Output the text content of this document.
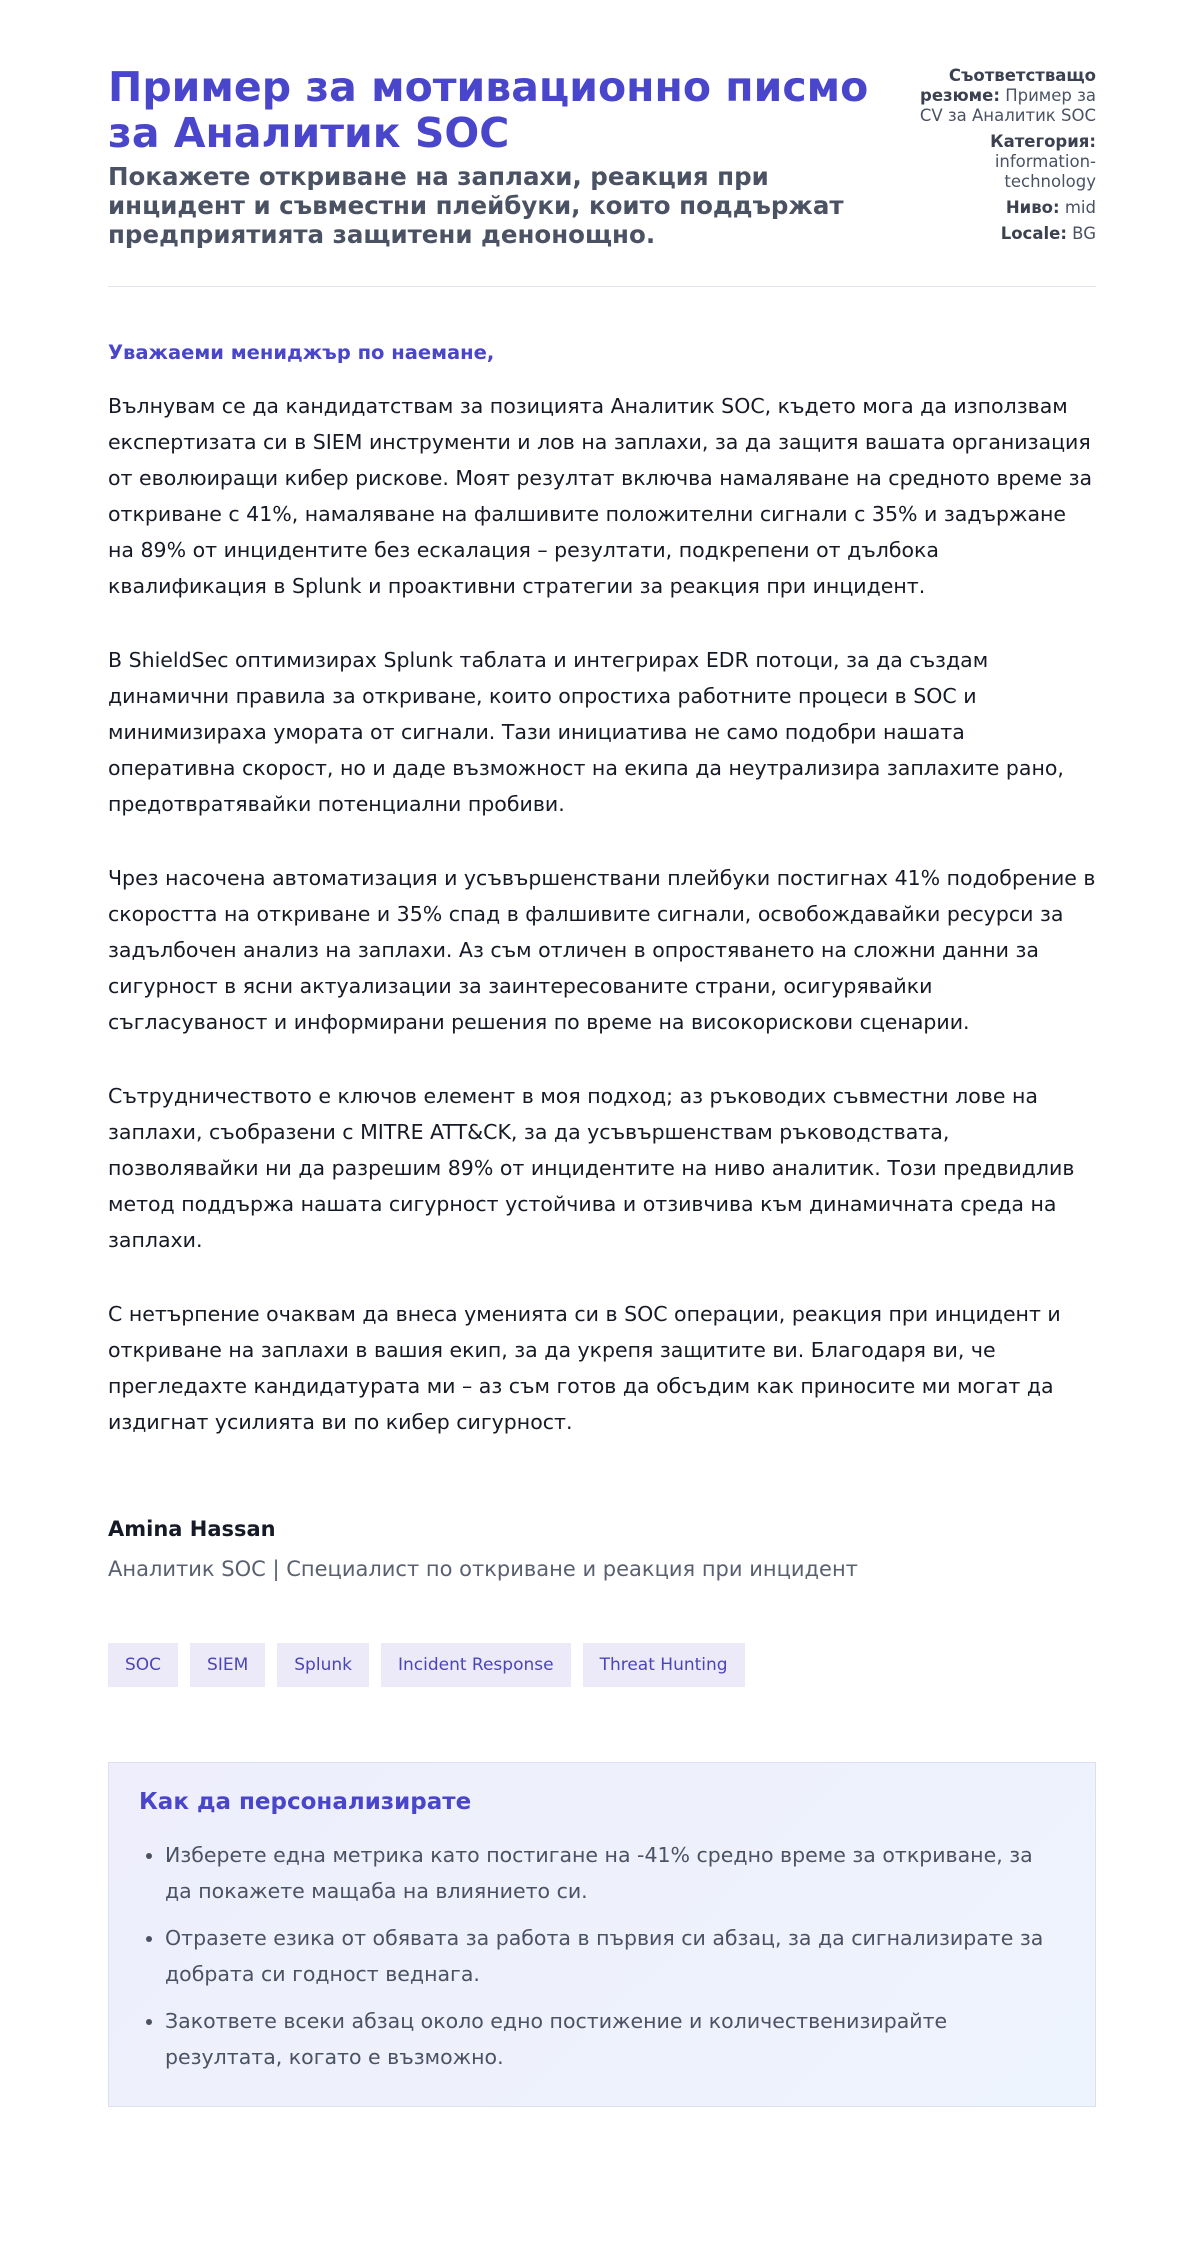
Пример за мотивационно писмо за Аналитик SOC
Покажете откриване на заплахи, реакция при инцидент и съвместни плейбуки, които поддържат предприятията защитени денонощно.
Съответстващо резюме: Пример за CV за Аналитик SOC
Категория: information-technology
Ниво: mid
Locale: BG

Уважаеми мениджър по наемане,

Вълнувам се да кандидатствам за позицията Аналитик SOC, където мога да използвам експертизата си в SIEM инструменти и лов на заплахи, за да защитя вашата организация от еволюиращи кибер рискове. Моят резултат включва намаляване на средното време за откриване с 41%, намаляване на фалшивите положителни сигнали с 35% и задържане на 89% от инцидентите без ескалация – резултати, подкрепени от дълбока квалификация в Splunk и проактивни стратегии за реакция при инцидент.

В ShieldSec оптимизирах Splunk таблата и интегрирах EDR потоци, за да създам динамични правила за откриване, които опростиха работните процеси в SOC и минимизираха умората от сигнали. Тази инициатива не само подобри нашата оперативна скорост, но и даде възможност на екипа да неутрализира заплахите рано, предотвратявайки потенциални пробиви.

Чрез насочена автоматизация и усъвършенствани плейбуки постигнах 41% подобрение в скоростта на откриване и 35% спад в фалшивите сигнали, освобождавайки ресурси за задълбочен анализ на заплахи. Аз съм отличен в опростяването на сложни данни за сигурност в ясни актуализации за заинтересованите страни, осигурявайки съгласуваност и информирани решения по време на високорискови сценарии.

Сътрудничеството е ключов елемент в моя подход; аз ръководих съвместни лове на заплахи, съобразени с MITRE ATT&CK, за да усъвършенствам ръководствата, позволявайки ни да разрешим 89% от инцидентите на ниво аналитик. Този предвидлив метод поддържа нашата сигурност устойчива и отзивчива към динамичната среда на заплахи.

С нетърпение очаквам да внеса уменията си в SOC операции, реакция при инцидент и откриване на заплахи в вашия екип, за да укрепя защитите ви. Благодаря ви, че прегледахте кандидатурата ми – аз съм готов да обсъдим как приносите ми могат да издигнат усилията ви по кибер сигурност.

Amina Hassan
Аналитик SOC | Специалист по откриване и реакция при инцидент
SOC	SIEM	Splunk	Incident Response	Threat Hunting
Как да персонализирате
• Изберете една метрика като постигане на -41% средно време за откриване, за да покажете мащаба на влиянието си.
• Отразете езика от обявата за работа в първия си абзац, за да сигнализирате за добрата си годност веднага.
• Закответе всеки абзац около едно постижение и количественизирайте резултата, когато е възможно.
